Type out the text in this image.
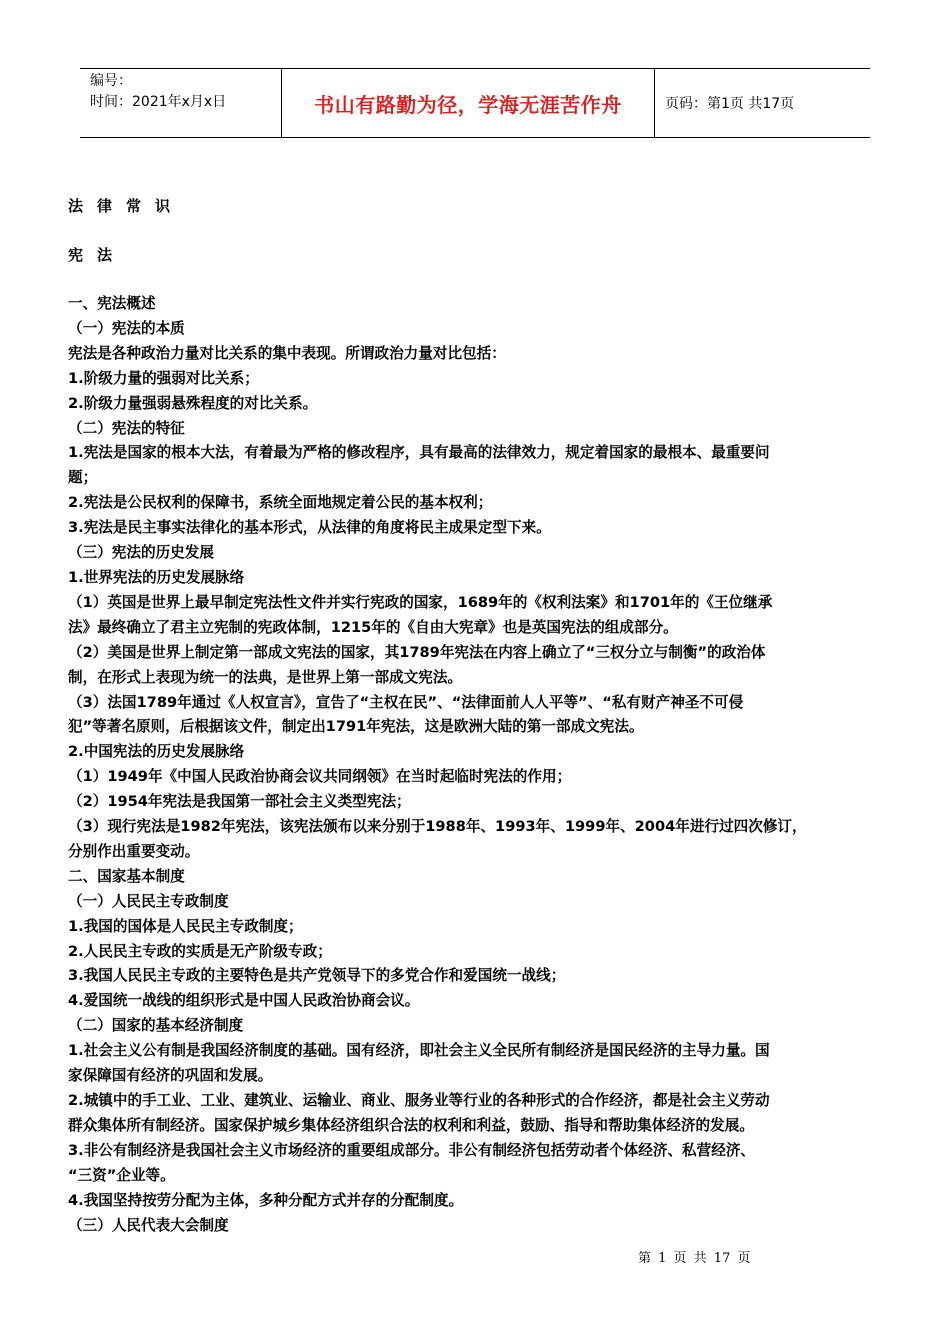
编号：
时间：2021年x月x日	书山有路勤为径，学海无涯苦作舟	页码：第1页 共17页
法律常识
宪法
一、宪法概述
（一）宪法的本质
宪法是各种政治力量对比关系的集中表现。所谓政治力量对比包括：
1.阶级力量的强弱对比关系；
2.阶级力量强弱悬殊程度的对比关系。
（二）宪法的特征
1.宪法是国家的根本大法，有着最为严格的修改程序，具有最高的法律效力，规定着国家的最根本、最重要问
题；
2.宪法是公民权利的保障书，系统全面地规定着公民的基本权利；
3.宪法是民主事实法律化的基本形式，从法律的角度将民主成果定型下来。
（三）宪法的历史发展
1.世界宪法的历史发展脉络
（1）英国是世界上最早制定宪法性文件并实行宪政的国家，1689年的《权利法案》和1701年的《王位继承
法》最终确立了君主立宪制的宪政体制，1215年的《自由大宪章》也是英国宪法的组成部分。
（2）美国是世界上制定第一部成文宪法的国家，其1789年宪法在内容上确立了“三权分立与制衡”的政治体
制，在形式上表现为统一的法典，是世界上第一部成文宪法。
（3）法国1789年通过《人权宣言》，宣告了“主权在民”、“法律面前人人平等”、“私有财产神圣不可侵
犯”等著名原则，后根据该文件，制定出1791年宪法，这是欧洲大陆的第一部成文宪法。
2.中国宪法的历史发展脉络
（1）1949年《中国人民政治协商会议共同纲领》在当时起临时宪法的作用；
（2）1954年宪法是我国第一部社会主义类型宪法；
（3）现行宪法是1982年宪法，该宪法颁布以来分别于1988年、1993年、1999年、2004年进行过四次修订，
分别作出重要变动。
二、国家基本制度
（一）人民民主专政制度
1.我国的国体是人民民主专政制度；
2.人民民主专政的实质是无产阶级专政；
3.我国人民民主专政的主要特色是共产党领导下的多党合作和爱国统一战线；
4.爱国统一战线的组织形式是中国人民政治协商会议。
（二）国家的基本经济制度
1.社会主义公有制是我国经济制度的基础。国有经济，即社会主义全民所有制经济是国民经济的主导力量。国
家保障国有经济的巩固和发展。
2.城镇中的手工业、工业、建筑业、运输业、商业、服务业等行业的各种形式的合作经济，都是社会主义劳动
群众集体所有制经济。国家保护城乡集体经济组织合法的权利和利益，鼓励、指导和帮助集体经济的发展。
3.非公有制经济是我国社会主义市场经济的重要组成部分。非公有制经济包括劳动者个体经济、私营经济、
“三资”企业等。
4.我国坚持按劳分配为主体，多种分配方式并存的分配制度。
（三）人民代表大会制度
第 1 页 共 17 页
